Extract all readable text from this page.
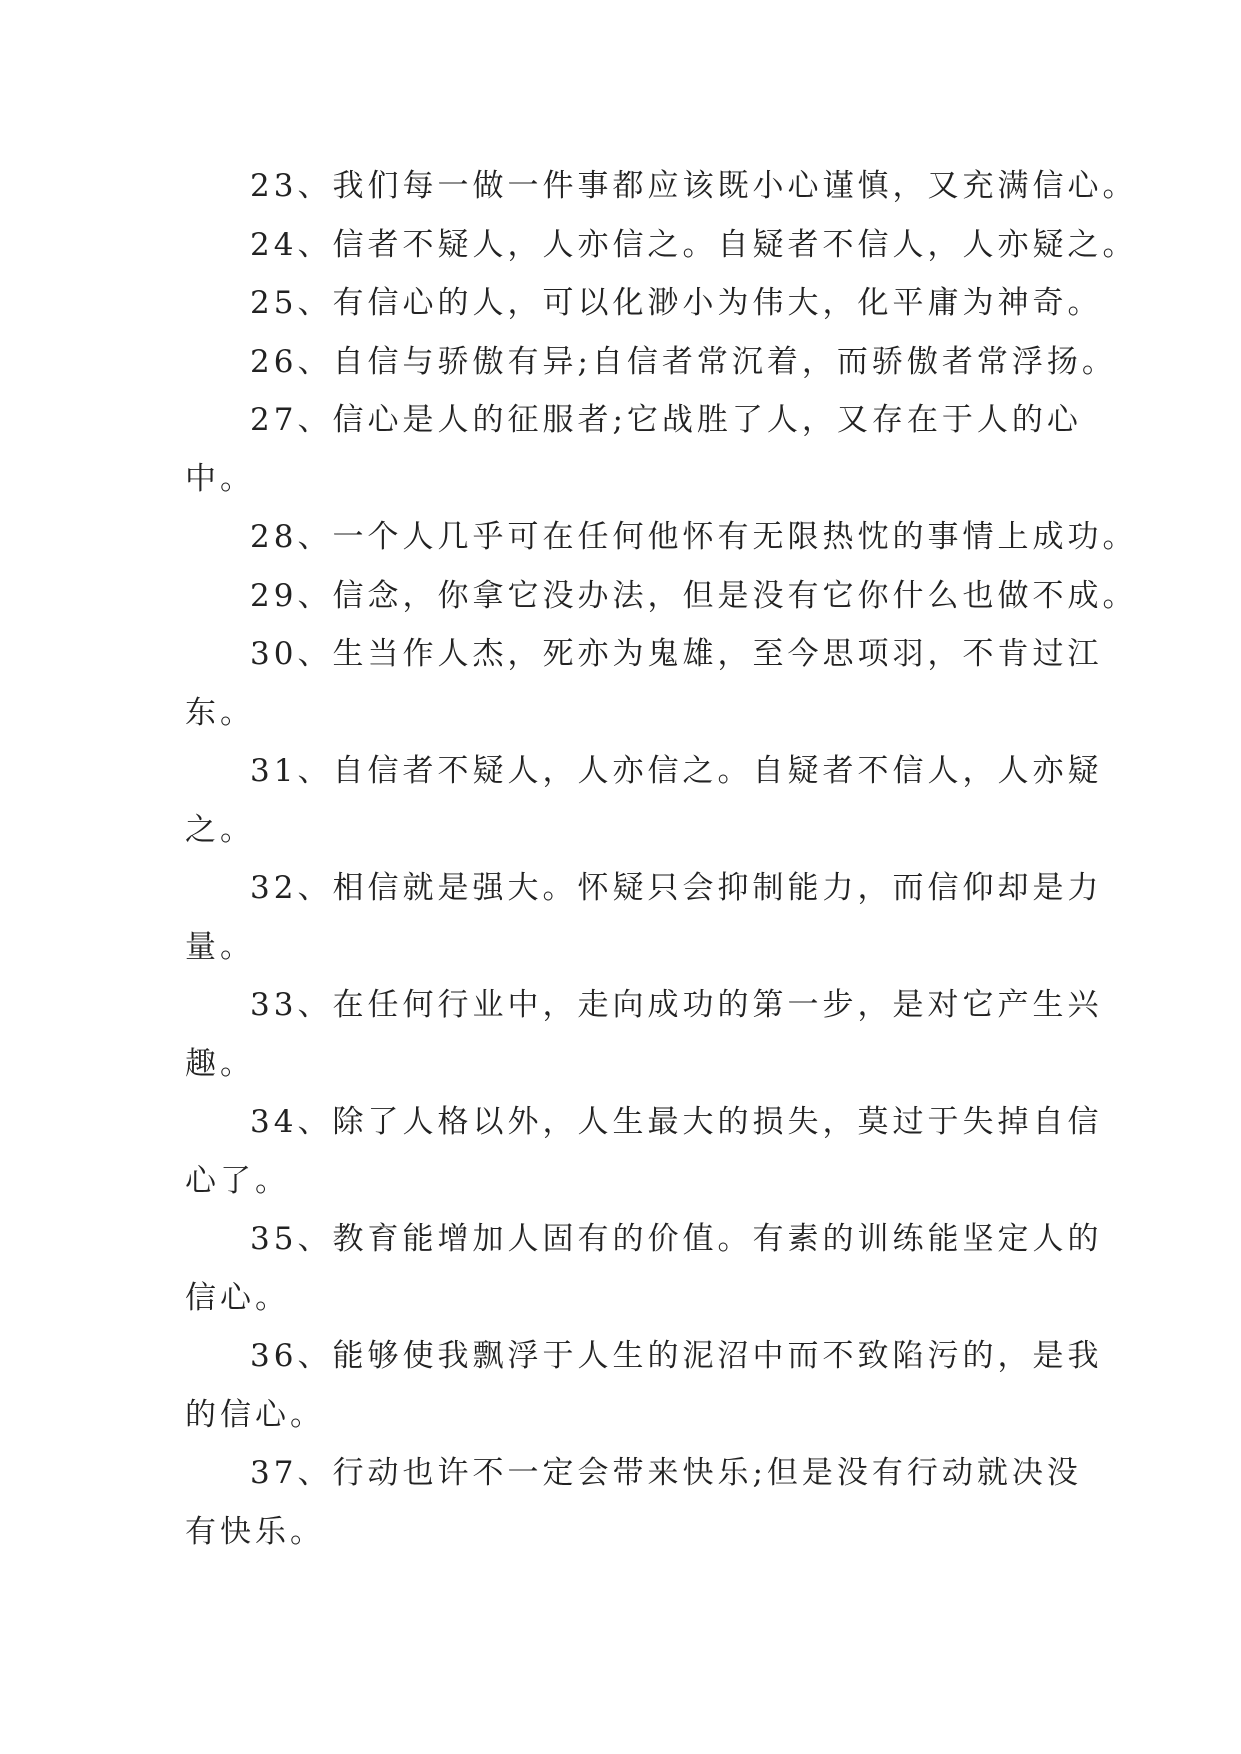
23、我们每一做一件事都应该既小心谨慎，又充满信心。

24、信者不疑人，人亦信之。自疑者不信人，人亦疑之。

25、有信心的人，可以化渺小为伟大，化平庸为神奇。

26、自信与骄傲有异;自信者常沉着，而骄傲者常浮扬。

27、信心是人的征服者;它战胜了人，又存在于人的心
中。

28、一个人几乎可在任何他怀有无限热忱的事情上成功。

29、信念，你拿它没办法，但是没有它你什么也做不成。

30、生当作人杰，死亦为鬼雄，至今思项羽，不肯过江
东。

31、自信者不疑人，人亦信之。自疑者不信人，人亦疑
之。

32、相信就是强大。怀疑只会抑制能力，而信仰却是力
量。

33、在任何行业中，走向成功的第一步，是对它产生兴
趣。

34、除了人格以外，人生最大的损失，莫过于失掉自信
心了。

35、教育能增加人固有的价值。有素的训练能坚定人的
信心。

36、能够使我飘浮于人生的泥沼中而不致陷污的，是我
的信心。

37、行动也许不一定会带来快乐;但是没有行动就决没
有快乐。
